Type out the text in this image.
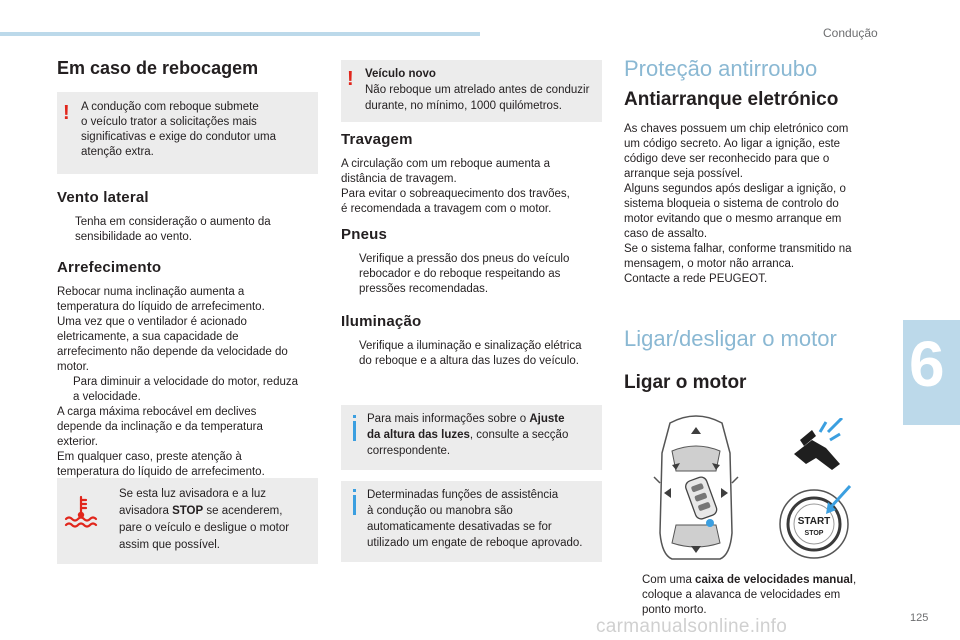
Condução
6
125
Em caso de rebocagem
! A condução com reboque submete

o veículo trator a solicitações mais

significativas e exige do condutor uma

atenção extra.

Vento lateral

Tenha em consideração o aumento da

sensibilidade ao vento.

Arrefecimento

Rebocar numa inclinação aumenta a

temperatura do líquido de arrefecimento.

Uma vez que o ventilador é acionado

eletricamente, a sua capacidade de

arrefecimento não depende da velocidade do

motor.

Para diminuir a velocidade do motor, reduza

a velocidade.

A carga máxima rebocável em declives

depende da inclinação e da temperatura

exterior.

Em qualquer caso, preste atenção à

temperatura do líquido de arrefecimento.

Se esta luz avisadora e a luz

avisadora STOP se acenderem,

pare o veículo e desligue o motor

assim que possível.

! Veículo novo

Não reboque um atrelado antes de conduzir

durante, no mínimo, 1000 quilómetros.

Travagem

A circulação com um reboque aumenta a

distância de travagem.

Para evitar o sobreaquecimento dos travões,

é recomendada a travagem com o motor.

Pneus

Verifique a pressão dos pneus do veículo

rebocador e do reboque respeitando as

pressões recomendadas.

Iluminação

Verifique a iluminação e sinalização elétrica

do reboque e a altura das luzes do veículo.

Para mais informações sobre o Ajuste

da altura das luzes, consulte a secção

correspondente.

Determinadas funções de assistência

à condução ou manobra são

automaticamente desativadas se for

utilizado um engate de reboque aprovado.

Proteção antirroubo
Antiarranque eletrónico

As chaves possuem um chip eletrónico com

um código secreto. Ao ligar a ignição, este

código deve ser reconhecido para que o

arranque seja possível.

Alguns segundos após desligar a ignição, o

sistema bloqueia o sistema de controlo do

motor evitando que o mesmo arranque em

caso de assalto.

Se o sistema falhar, conforme transmitido na

mensagem, o motor não arranca.

Contacte a rede PEUGEOT.

Ligar/desligar o motor
Ligar o motor
START
STOP

Com uma caixa de velocidades manual,

coloque a alavanca de velocidades em

ponto morto.

carmanualsonline.info
